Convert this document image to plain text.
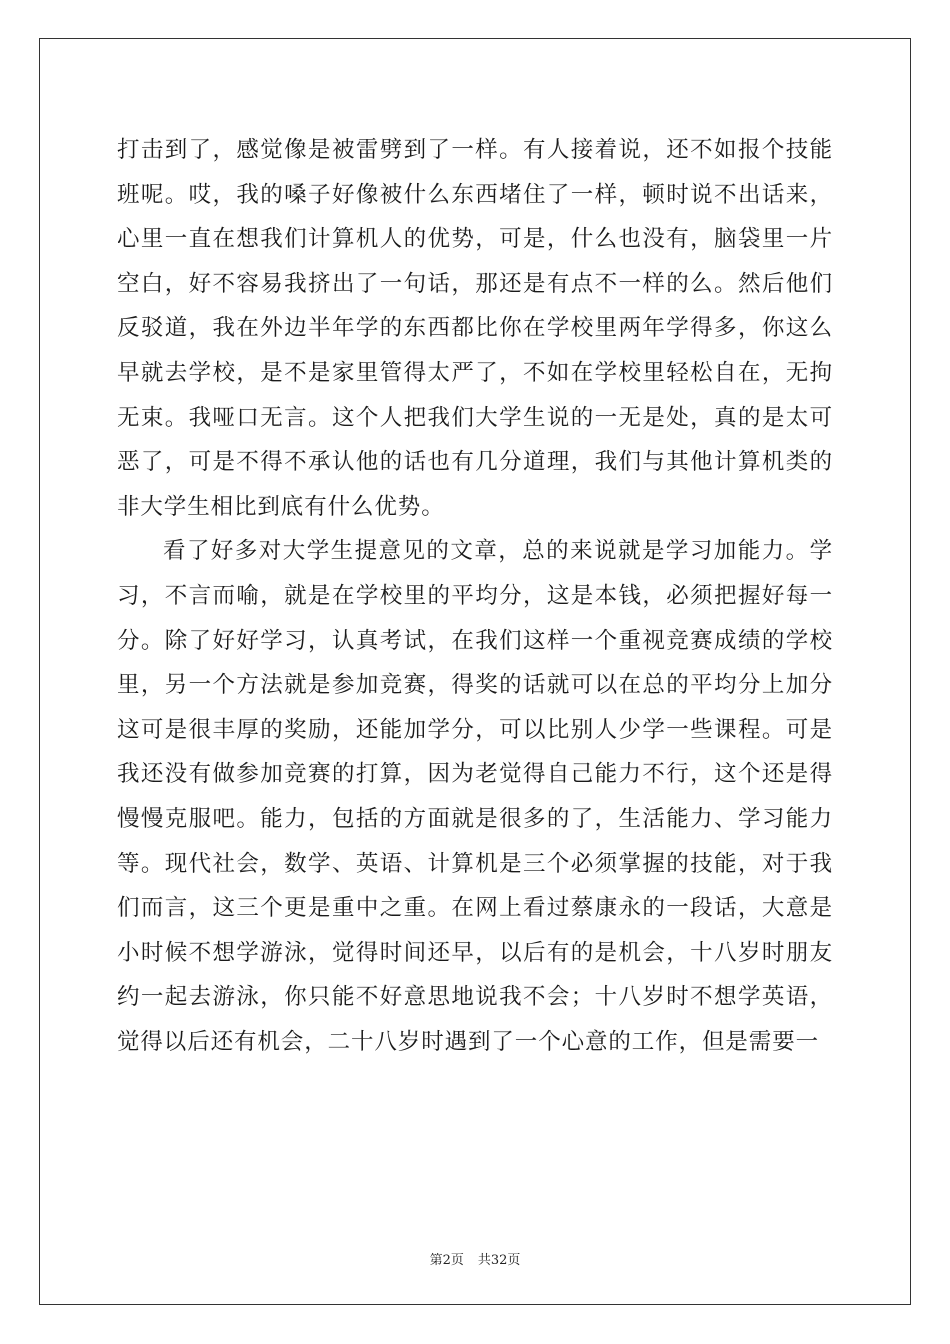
打击到了，感觉像是被雷劈到了一样。有人接着说，还不如报个技能班呢。哎，我的嗓子好像被什么东西堵住了一样，顿时说不出话来，心里一直在想我们计算机人的优势，可是，什么也没有，脑袋里一片空白，好不容易我挤出了一句话，那还是有点不一样的么。然后他们反驳道，我在外边半年学的东西都比你在学校里两年学得多，你这么早就去学校，是不是家里管得太严了，不如在学校里轻松自在，无拘无束。我哑口无言。这个人把我们大学生说的一无是处，真的是太可恶了，可是不得不承认他的话也有几分道理，我们与其他计算机类的非大学生相比到底有什么优势。

看了好多对大学生提意见的文章，总的来说就是学习加能力。学习，不言而喻，就是在学校里的平均分，这是本钱，必须把握好每一分。除了好好学习，认真考试，在我们这样一个重视竞赛成绩的学校里，另一个方法就是参加竞赛，得奖的话就可以在总的平均分上加分这可是很丰厚的奖励，还能加学分，可以比别人少学一些课程。可是我还没有做参加竞赛的打算，因为老觉得自己能力不行，这个还是得慢慢克服吧。能力，包括的方面就是很多的了，生活能力、学习能力等。现代社会，数学、英语、计算机是三个必须掌握的技能，对于我们而言，这三个更是重中之重。在网上看过蔡康永的一段话，大意是小时候不想学游泳，觉得时间还早，以后有的是机会，十八岁时朋友约一起去游泳，你只能不好意思地说我不会；十八岁时不想学英语，觉得以后还有机会，二十八岁时遇到了一个心意的工作，但是需要一

第2页 共32页
